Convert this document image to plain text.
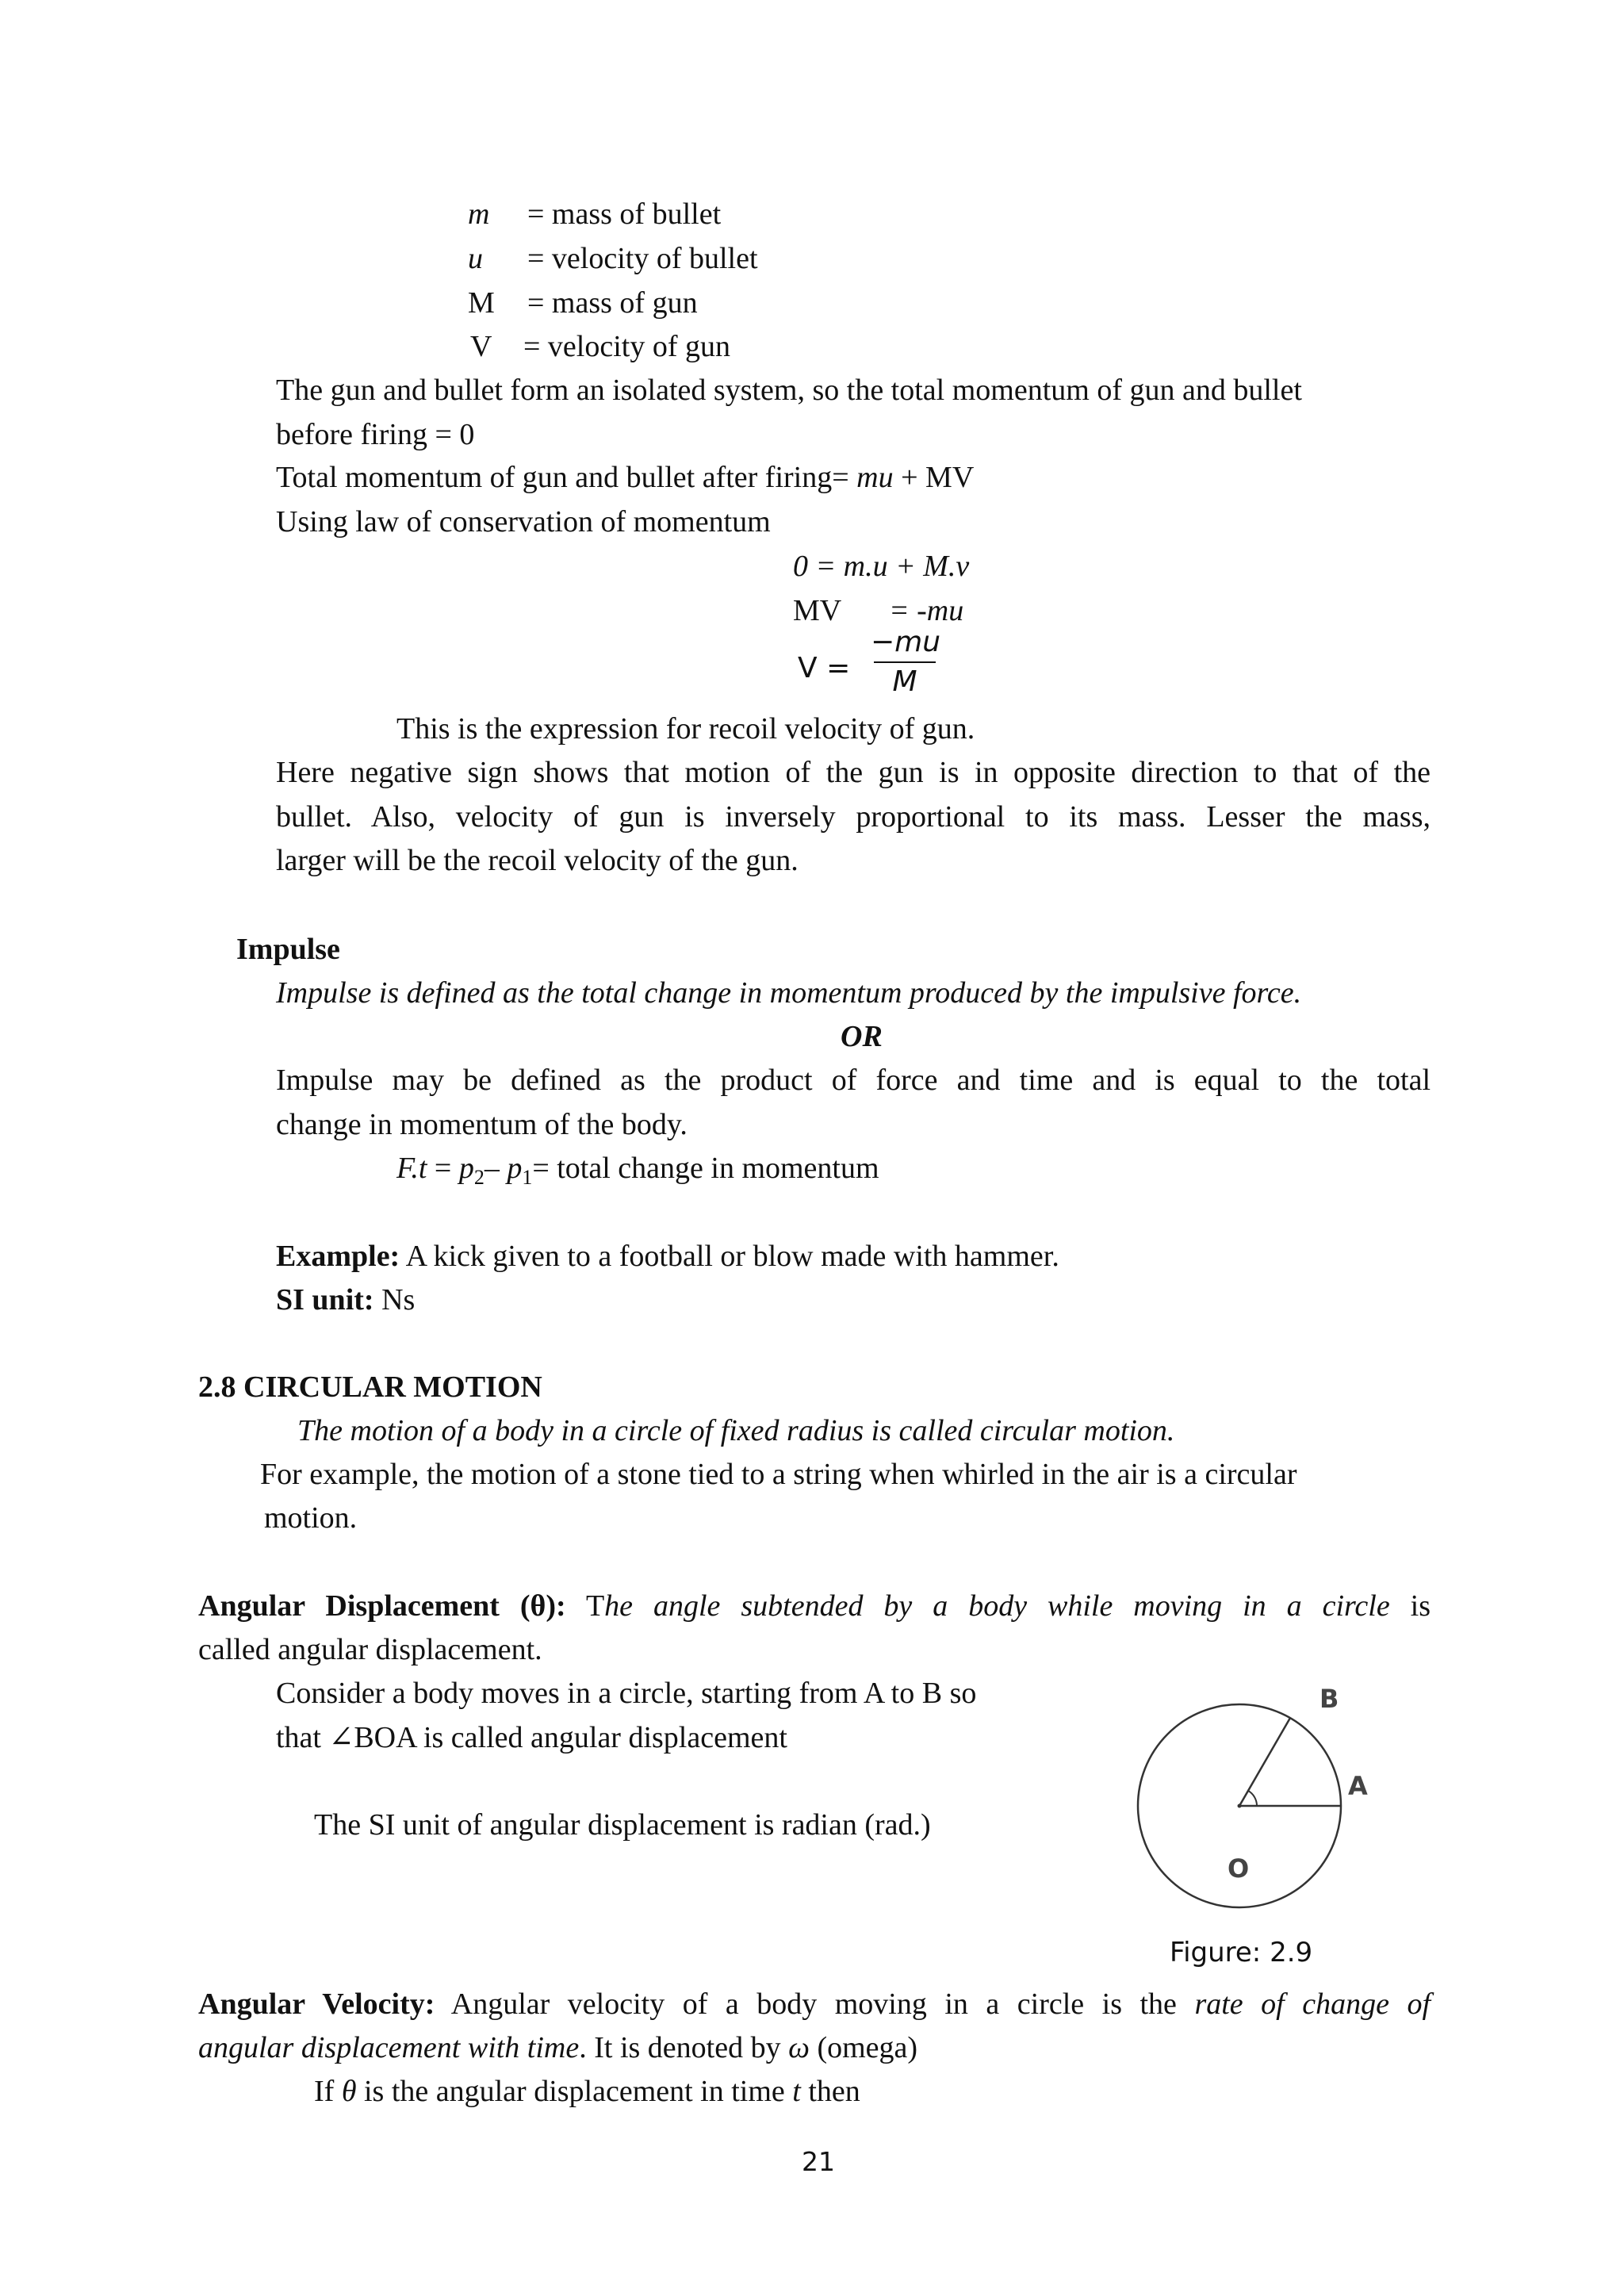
m = mass of bullet
u = velocity of bullet
M = mass of gun
V = velocity of gun
The gun and bullet form an isolated system, so the total momentum of gun and bullet
before firing = 0
Total momentum of gun and bullet after firing= mu + MV
Using law of conservation of momentum
0 = m.u + M.v
MV = -mu
V =
−mu
M
This is the expression for recoil velocity of gun.
Here negative sign shows that motion of the gun is in opposite direction to that of the
bullet. Also, velocity of gun is inversely proportional to its mass. Lesser the mass,
larger will be the recoil velocity of the gun.
Impulse
Impulse is defined as the total change in momentum produced by the impulsive force.
OR
Impulse may be defined as the product of force and time and is equal to the total
change in momentum of the body.
$F.t = p_2-$ $p_1=$ total change in momentum
Example: A kick given to a football or blow made with hammer.
SI unit: Ns
2.8 CIRCULAR MOTION
The motion of a body in a circle of fixed radius is called circular motion.
For example, the motion of a stone tied to a string when whirled in the air is a circular
motion.
Angular Displacement (θ): The angle subtended by a body while moving in a circle is
called angular displacement.
Consider a body moves in a circle, starting from A to B so
that ∠BOA is called angular displacement
The SI unit of angular displacement is radian (rad.)
B
A
O
Figure: 2.9
Angular Velocity: Angular velocity of a body moving in a circle is the rate of change of
angular displacement with time. It is denoted by ω (omega)
If θ is the angular displacement in time t then
21
